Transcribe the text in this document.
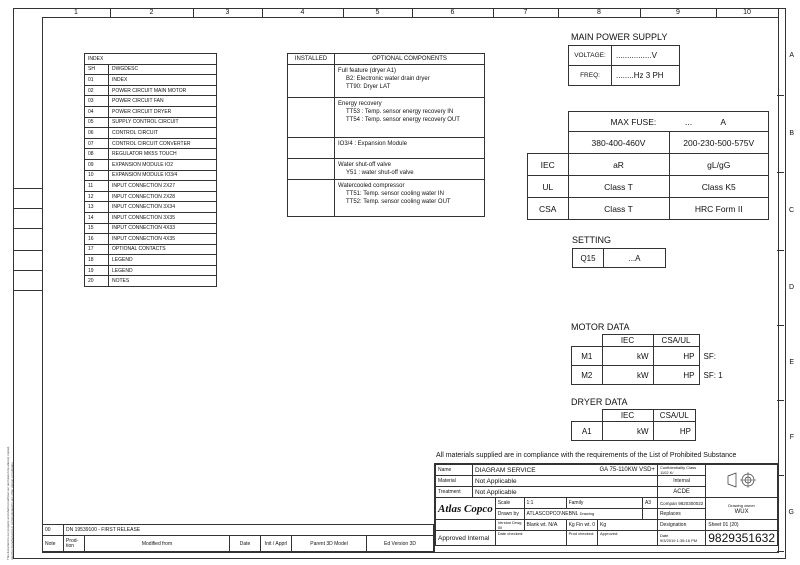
1	2	3	4	5	6	7	8	9	10
A
B
C
D
E
F
G
This document is our property and shall not without our permission be altered, copied, used for manufacturing or communicated to any other person or company.
INDEX	
SH	DWGDESC
01	INDEX
02	POWER CIRCUIT MAIN MOTOR
03	POWER CIRCUIT FAN
04	POWER CIRCUIT DRYER
05	SUPPLY CONTROL CIRCUIT
06	CONTROL CIRCUIT
07	CONTROL CIRCUIT CONVERTER
08	REGULATOR MK5S TOUCH
09	EXPANSION MODULE IO2
10	EXPANSION MODULE IO3/4
11	INPUT CONNECTION 2X27
12	INPUT CONNECTION 2X28
13	INPUT CONNECTION 3X34
14	INPUT CONNECTION 3X35
15	INPUT CONNECTION 4X33
16	INPUT CONNECTION 4X35
17	OPTIONAL CONTACTS
18	LEGEND
19	LEGEND
20	NOTES
INSTALLED	OPTIONAL COMPONENTS

	Full feature (dryer A1)
B2: Electronic water drain dryer
TT90: Dryer LAT

	Energy recovery
TT53 : Temp. sensor energy recovery IN
TT54 : Temp. sensor energy recovery OUT

	IO3/4 : Expansion Module

	Water shut-off valve
Y51 : water shut-off valve

	Watercooled compressor
TT51: Temp. sensor cooling water IN
TT52: Temp. sensor cooling water OUT
MAIN POWER SUPPLY
VOLTAGE:	................V
FREQ:	........Hz 3 PH
	MAX FUSE: ... A	
	380-400-460V	200-230-500-575V
IEC	aR	gL/gG
UL	Class T	Class K5
CSA	Class T	HRC Form II
SETTING
Q15	...A
MOTOR DATA
	IEC	CSA/UL	
M1	kW	HP	SF:
M2	kW	HP	SF: 1
DRYER DATA
	IEC	CSA/UL
A1	kW	HP
All materials supplied are in compliance with the requirements of the List of Prohibited Substance
Name	DIAGRAM SERVICE				GA 75-110KW VSD+		Confidentiality Class
1102 K/	
Material	Not Applicable						Internal	
Treatment	Not Applicable						ACDE	
Atlas Copco		Scale	1:1	Family		A3	Compan 9820300022	Drawing owner
WUX
		Drawn by	ATLASCOPCO\NEBNL Drawing				Replaces	
		Version Drwg
00	Blank wt. N/A	Kg Fin wt. 0	Kg		Designation	Sheet 01 (20)
Approved Internal		Date checked:		Prod checked:	Approved:		Date
9/3/2019 1:35:16 PM	9829351632
00	DN 19539100 - FIRST RELEASE					
Note	Prod-
tion	Modified from	Date	Init / Apprl	Parent 3D Model	Ed Version 3D
